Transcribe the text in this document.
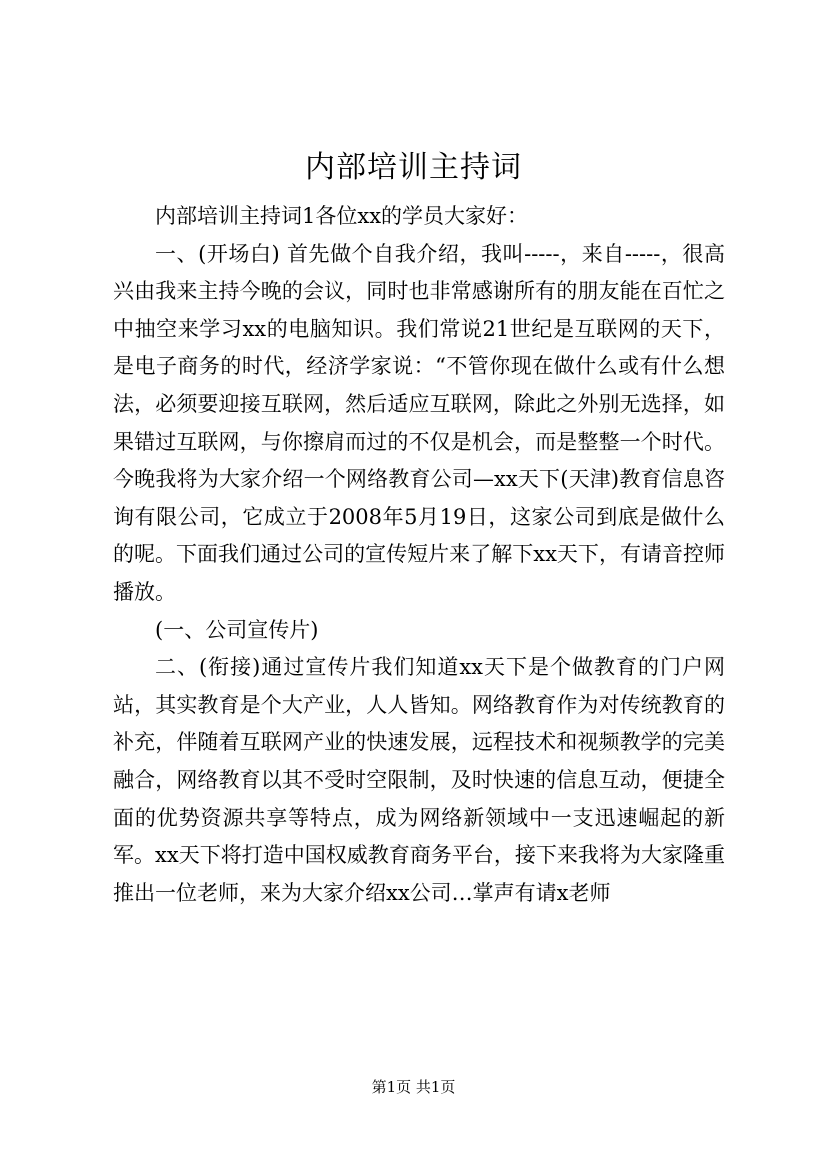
内部培训主持词

内部培训主持词1各位xx的学员大家好：

一、(开场白) 首先做个自我介绍，我叫-----，来自-----，很高兴由我来主持今晚的会议，同时也非常感谢所有的朋友能在百忙之中抽空来学习xx的电脑知识。我们常说21世纪是互联网的天下，是电子商务的时代，经济学家说：“不管你现在做什么或有什么想法，必须要迎接互联网，然后适应互联网，除此之外别无选择，如果错过互联网，与你擦肩而过的不仅是机会，而是整整一个时代。今晚我将为大家介绍一个网络教育公司—xx天下(天津)教育信息咨询有限公司，它成立于2008年5月19日，这家公司到底是做什么的呢。下面我们通过公司的宣传短片来了解下xx天下，有请音控师播放。

(一、公司宣传片)

二、(衔接)通过宣传片我们知道xx天下是个做教育的门户网站，其实教育是个大产业，人人皆知。网络教育作为对传统教育的补充，伴随着互联网产业的快速发展，远程技术和视频教学的完美融合，网络教育以其不受时空限制，及时快速的信息互动，便捷全面的优势资源共享等特点，成为网络新领域中一支迅速崛起的新军。xx天下将打造中国权威教育商务平台，接下来我将为大家隆重推出一位老师，来为大家介绍xx公司…掌声有请x老师

第1页 共1页
